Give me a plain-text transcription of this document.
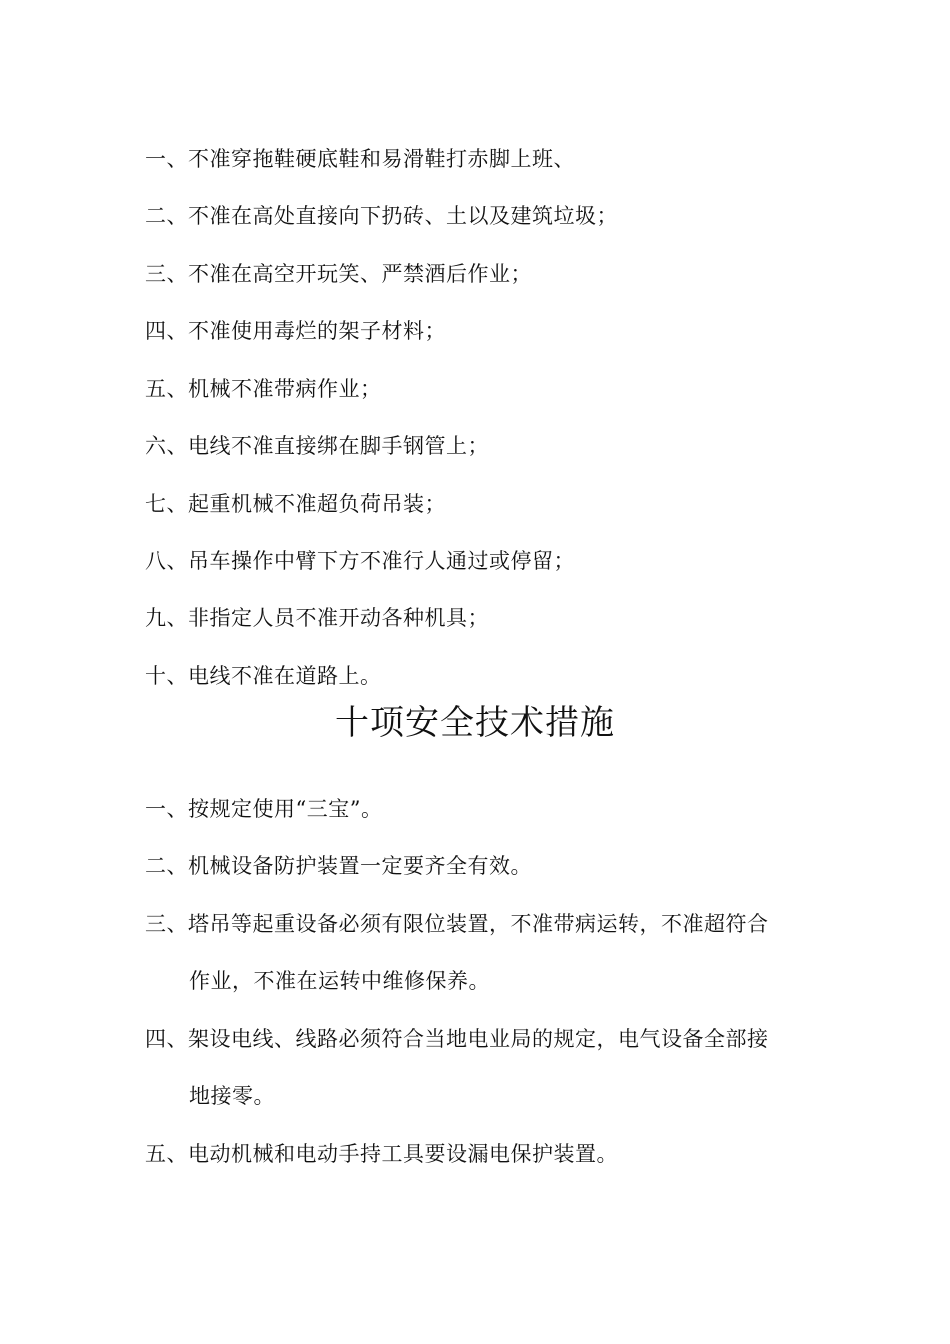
一、不准穿拖鞋硬底鞋和易滑鞋打赤脚上班、
二、不准在高处直接向下扔砖、土以及建筑垃圾；
三、不准在高空开玩笑、严禁酒后作业；
四、不准使用毒烂的架子材料；
五、机械不准带病作业；
六、电线不准直接绑在脚手钢管上；
七、起重机械不准超负荷吊装；
八、吊车操作中臂下方不准行人通过或停留；
九、非指定人员不准开动各种机具；
十、电线不准在道路上。
十项安全技术措施
一、按规定使用“三宝”。
二、机械设备防护装置一定要齐全有效。
三、塔吊等起重设备必须有限位装置，不准带病运转，不准超符合
作业，不准在运转中维修保养。
四、架设电线、线路必须符合当地电业局的规定，电气设备全部接
地接零。
五、电动机械和电动手持工具要设漏电保护装置。
